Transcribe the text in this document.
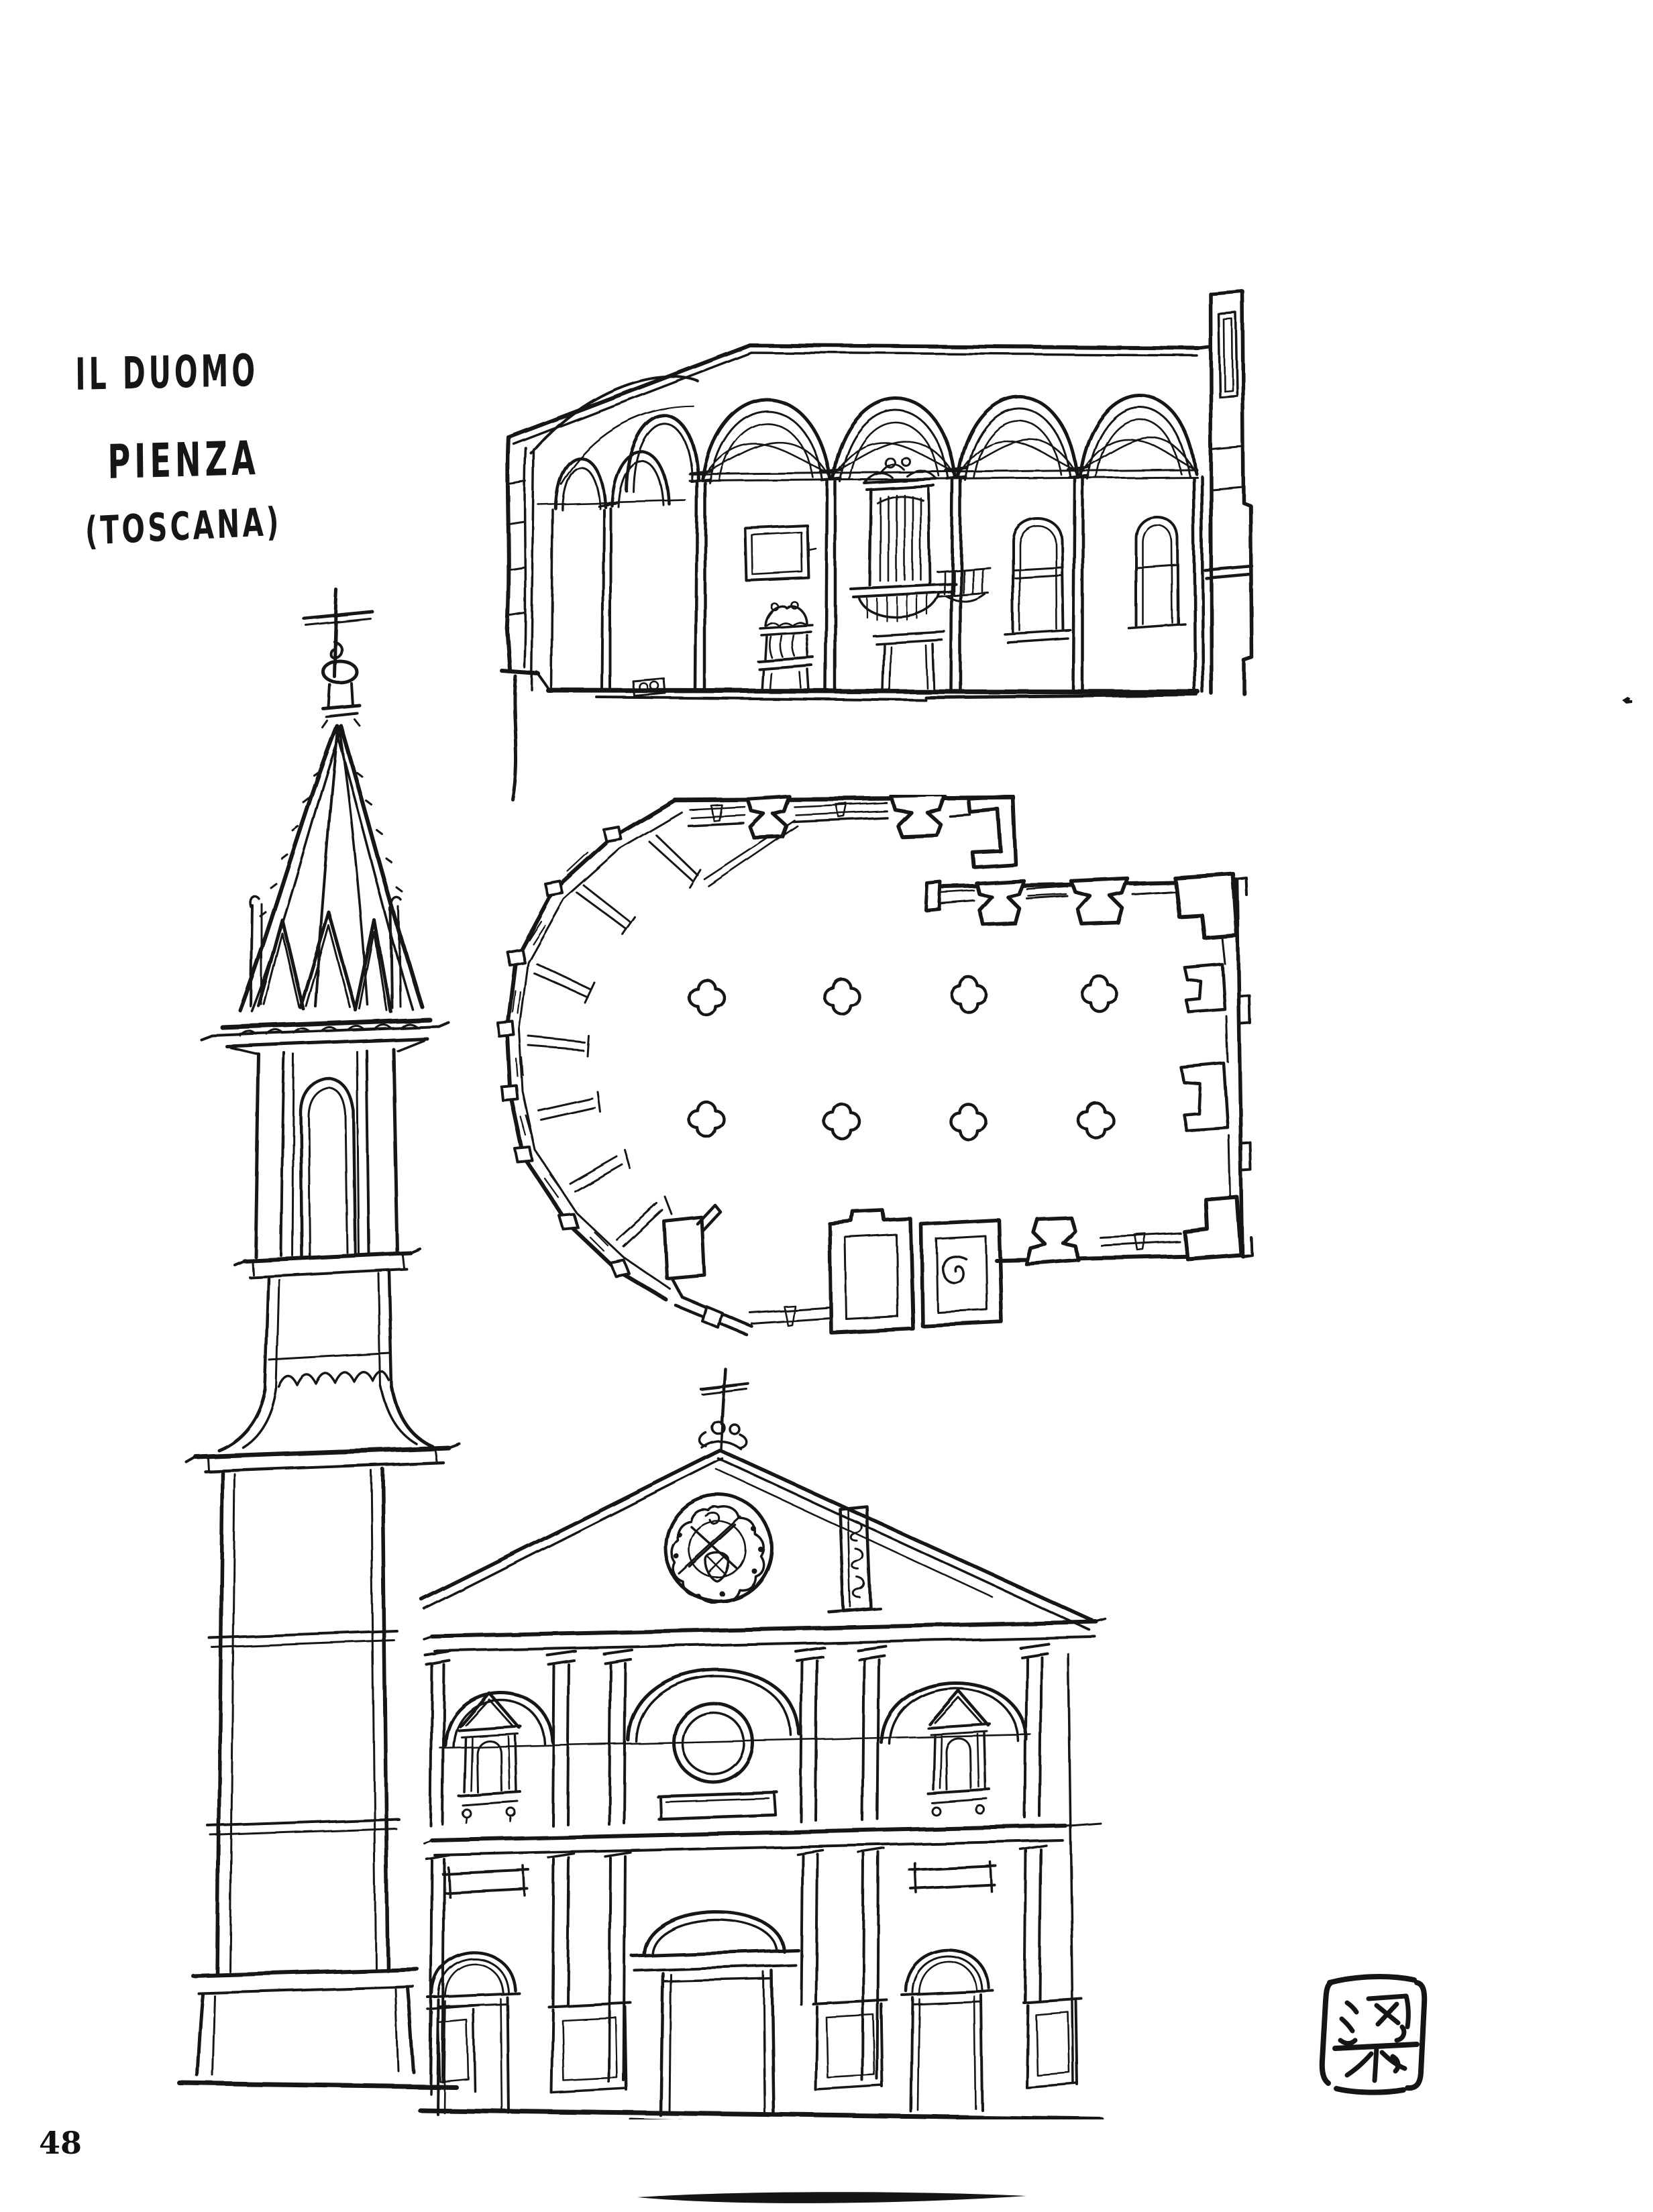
IL DUOMO
PIENZA
(TOSCANA)
48
